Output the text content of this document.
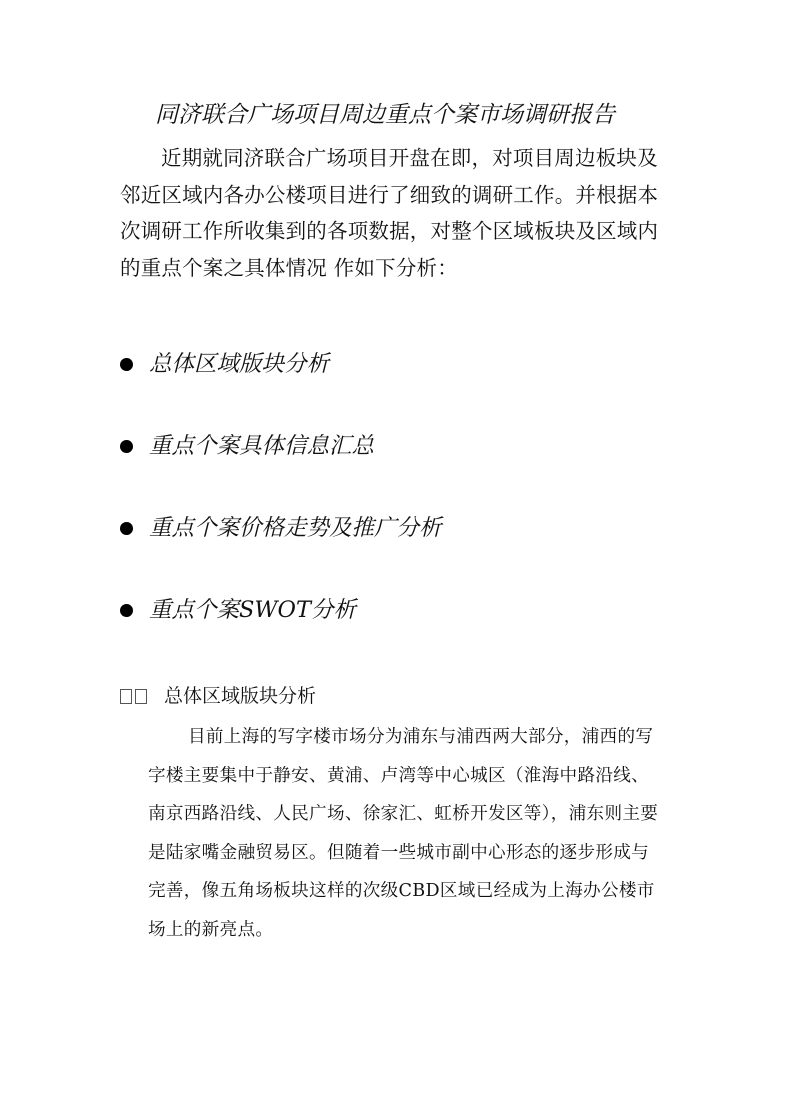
同济联合广场项目周边重点个案市场调研报告

近期就同济联合广场项目开盘在即，对项目周边板块及邻近区域内各办公楼项目进行了细致的调研工作。并根据本次调研工作所收集到的各项数据，对整个区域板块及区域内的重点个案之具体情况 作如下分析：

总体区域版块分析
重点个案具体信息汇总
重点个案价格走势及推广分析
重点个案SWOT分析
总体区域版块分析

目前上海的写字楼市场分为浦东与浦西两大部分，浦西的写字楼主要集中于静安、黄浦、卢湾等中心城区（淮海中路沿线、南京西路沿线、人民广场、徐家汇、虹桥开发区等），浦东则主要是陆家嘴金融贸易区。但随着一些城市副中心形态的逐步形成与完善，像五角场板块这样的次级CBD区域已经成为上海办公楼市场上的新亮点。
